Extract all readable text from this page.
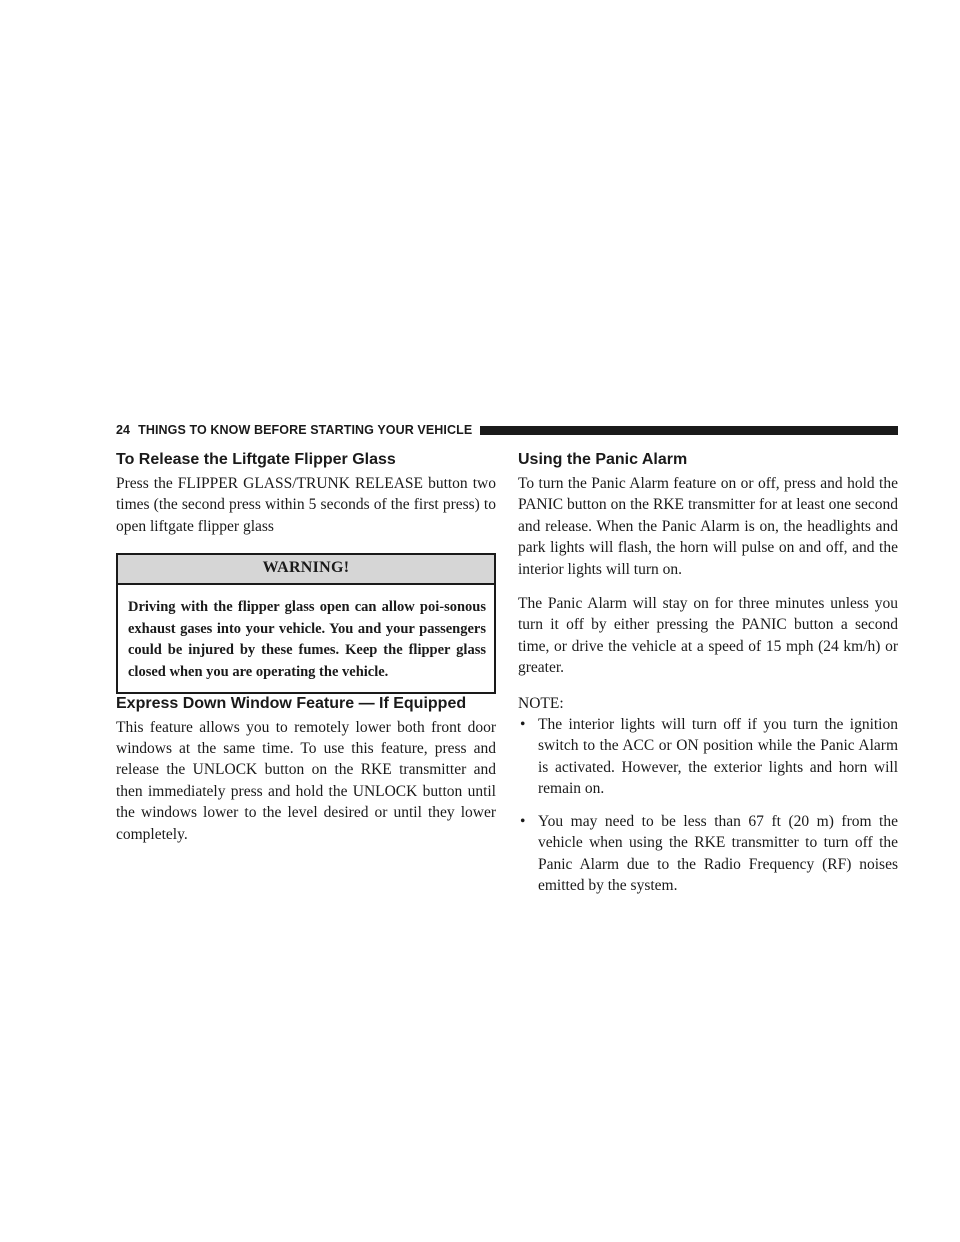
24 THINGS TO KNOW BEFORE STARTING YOUR VEHICLE
To Release the Liftgate Flipper Glass

Press the FLIPPER GLASS/TRUNK RELEASE button two times (the second press within 5 seconds of the first press) to open liftgate flipper glass

WARNING!

Driving with the flipper glass open can allow poi-sonous exhaust gases into your vehicle. You and your passengers could be injured by these fumes. Keep the flipper glass closed when you are operating the vehicle.

Express Down Window Feature — If Equipped

This feature allows you to remotely lower both front door windows at the same time. To use this feature, press and release the UNLOCK button on the RKE transmitter and then immediately press and hold the UNLOCK button until the windows lower to the level desired or until they lower completely.

Using the Panic Alarm

To turn the Panic Alarm feature on or off, press and hold the PANIC button on the RKE transmitter for at least one second and release. When the Panic Alarm is on, the headlights and park lights will flash, the horn will pulse on and off, and the interior lights will turn on.

The Panic Alarm will stay on for three minutes unless you turn it off by either pressing the PANIC button a second time, or drive the vehicle at a speed of 15 mph (24 km/h) or greater.

NOTE:
• The interior lights will turn off if you turn the ignition switch to the ACC or ON position while the Panic Alarm is activated. However, the exterior lights and horn will remain on.
• You may need to be less than 67 ft (20 m) from the vehicle when using the RKE transmitter to turn off the Panic Alarm due to the Radio Frequency (RF) noises emitted by the system.
